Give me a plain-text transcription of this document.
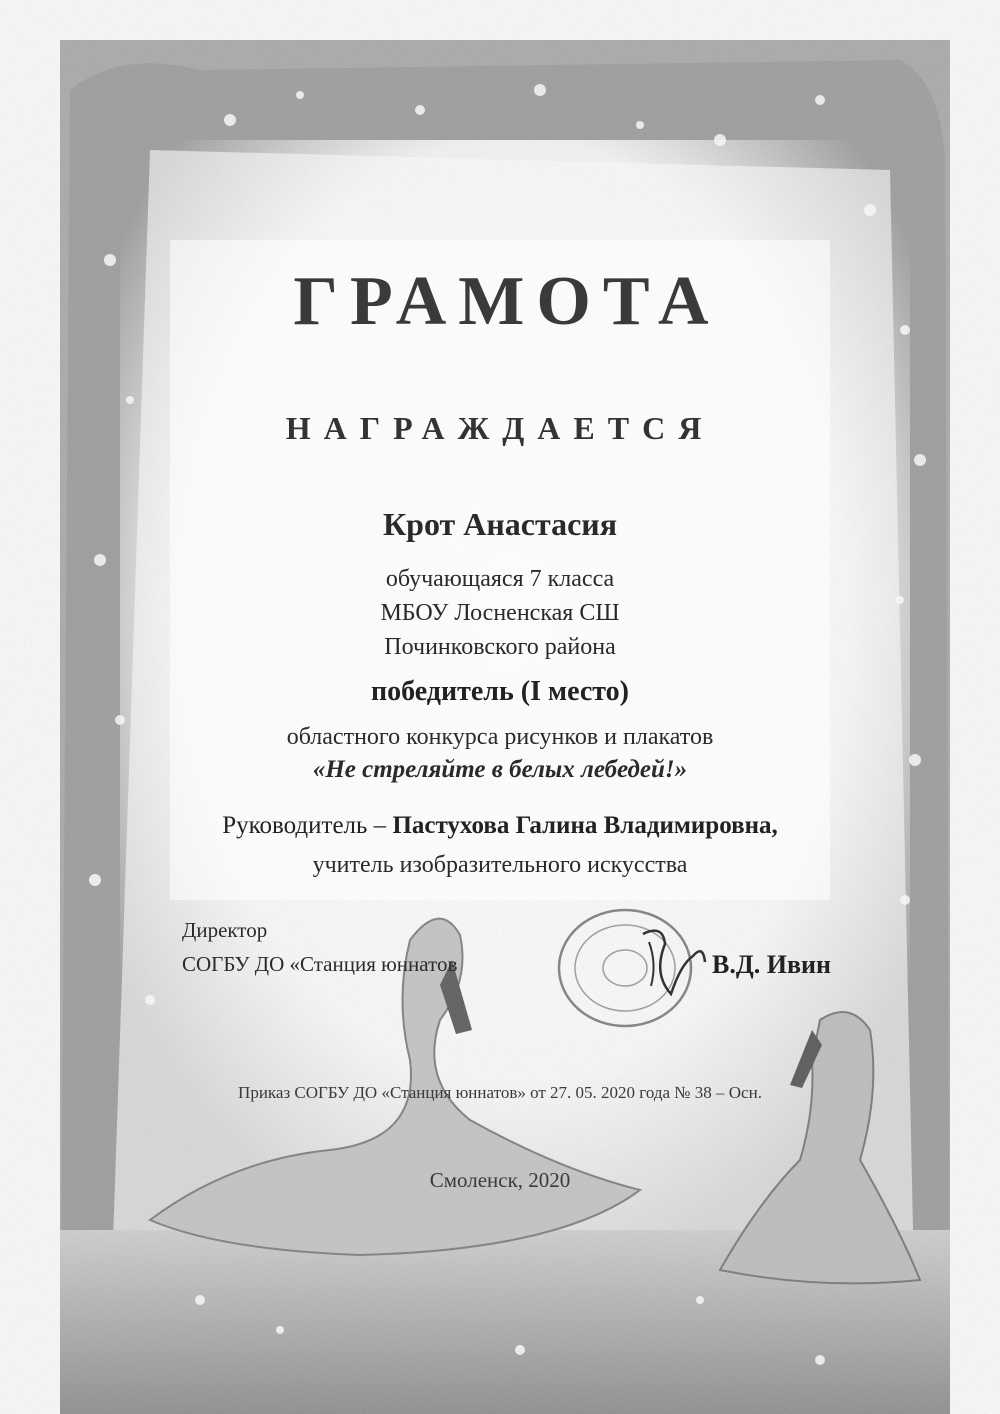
ГРАМОТА
НАГРАЖДАЕТСЯ
Крот Анастасия
обучающаяся 7 класса
МБОУ Лосненская СШ
Починковского района
победитель (I место)
областного конкурса рисунков и плакатов
«Не стреляйте в белых лебедей!»
Руководитель – Пастухова Галина Владимировна,
учитель изобразительного искусства
Директор
СОГБУ ДО «Станция юннатов	В.Д. Ивин
Приказ СОГБУ ДО «Станция юннатов» от 27. 05. 2020 года № 38 – Осн.
Смоленск, 2020
